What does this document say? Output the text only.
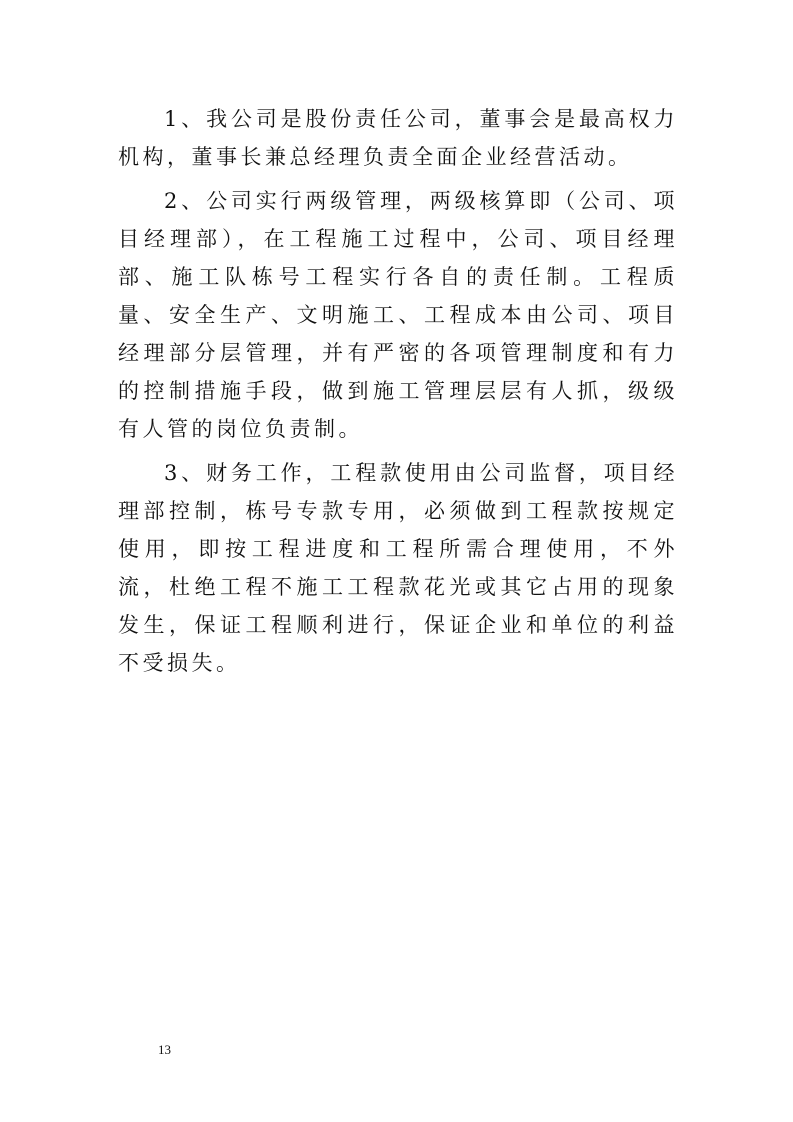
1、我公司是股份责任公司，董事会是最高权力机构，董事长兼总经理负责全面企业经营活动。

2、公司实行两级管理，两级核算即（公司、项目经理部），在工程施工过程中，公司、项目经理部、施工队栋号工程实行各自的责任制。工程质量、安全生产、文明施工、工程成本由公司、项目经理部分层管理，并有严密的各项管理制度和有力的控制措施手段，做到施工管理层层有人抓，级级有人管的岗位负责制。

3、财务工作，工程款使用由公司监督，项目经理部控制，栋号专款专用，必须做到工程款按规定使用，即按工程进度和工程所需合理使用，不外流，杜绝工程不施工工程款花光或其它占用的现象发生，保证工程顺利进行，保证企业和单位的利益不受损失。

13
